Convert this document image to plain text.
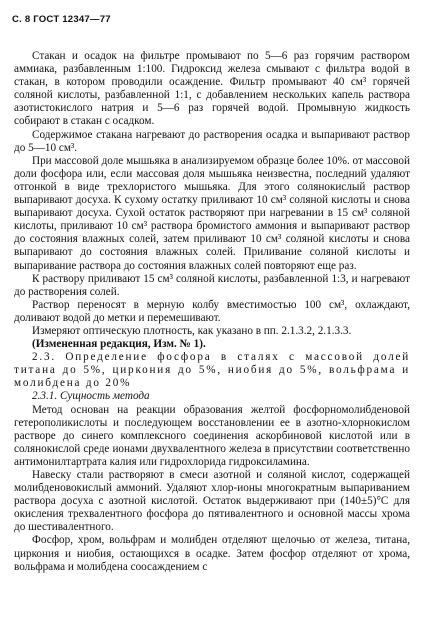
С. 8 ГОСТ 12347—77

Стакан и осадок на фильтре промывают по 5—6 раз горячим раствором аммиака, разбавленным 1:100. Гидроксид железа смывают с фильтра водой в стакан, в котором проводили осаждение. Фильтр промывают 40 см³ горячей соляной кислоты, разбавленной 1:1, с добавлением нескольких капель раствора азотистокислого натрия и 5—6 раз горячей водой. Промывную жидкость собирают в стакан с осадком.

Содержимое стакана нагревают до растворения осадка и выпаривают раствор до 5—10 см³.

При массовой доле мышьяка в анализируемом образце более 10%. от массовой доли фосфора или, если массовая доля мышьяка неизвестна, последний удаляют отгонкой в виде трехлористого мышьяка. Для этого солянокислый раствор выпаривают досуха. К сухому остатку приливают 10 см³ соляной кислоты и снова выпаривают досуха. Сухой остаток растворяют при нагревании в 15 см³ соляной кислоты, приливают 10 см³ раствора бромистого аммония и выпаривают раствор до состояния влажных солей, затем приливают 10 см³ соляной кислоты и снова выпаривают до состояния влажных солей. Приливание соляной кислоты и выпаривание раствора до состояния влажных солей повторяют еще раз.

К раствору приливают 15 см³ соляной кислоты, разбавленной 1:3, и нагревают до растворения солей.

Раствор переносят в мерную колбу вместимостью 100 см³, охлаждают, доливают водой до метки и перемешивают.

Измеряют оптическую плотность, как указано в пп. 2.1.3.2, 2.1.3.3.

(Измененная редакция, Изм. № 1).

2.3. Определение фосфора в сталях с массовой долей титана до 5%, циркония до 5%, ниобия до 5%, вольфрама и молибдена до 20%

2.3.1. Сущность метода

Метод основан на реакции образования желтой фосфорномолибденовой гетерополикислоты и последующем восстановлении ее в азотно-хлорнокислом растворе до синего комплексного соединения аскорбиновой кислотой или в солянокислой среде ионами двухвалентного железа в присутствии соответственно антимонилтартрата калия или гидрохлорида гидроксиламина.

Навеску стали растворяют в смеси азотной и соляной кислот, содержащей молибденовокислый аммоний. Удаляют хлор-ионы многократным выпариванием раствора досуха с азотной кислотой. Остаток выдерживают при (140±5)°С для окисления трехвалентного фосфора до пятивалентного и основной массы хрома до шестивалентного.

Фосфор, хром, вольфрам и молибден отделяют щелочью от железа, титана, циркония и ниобия, остающихся в осадке. Затем фосфор отделяют от хрома, вольфрама и молибдена соосаждением с
